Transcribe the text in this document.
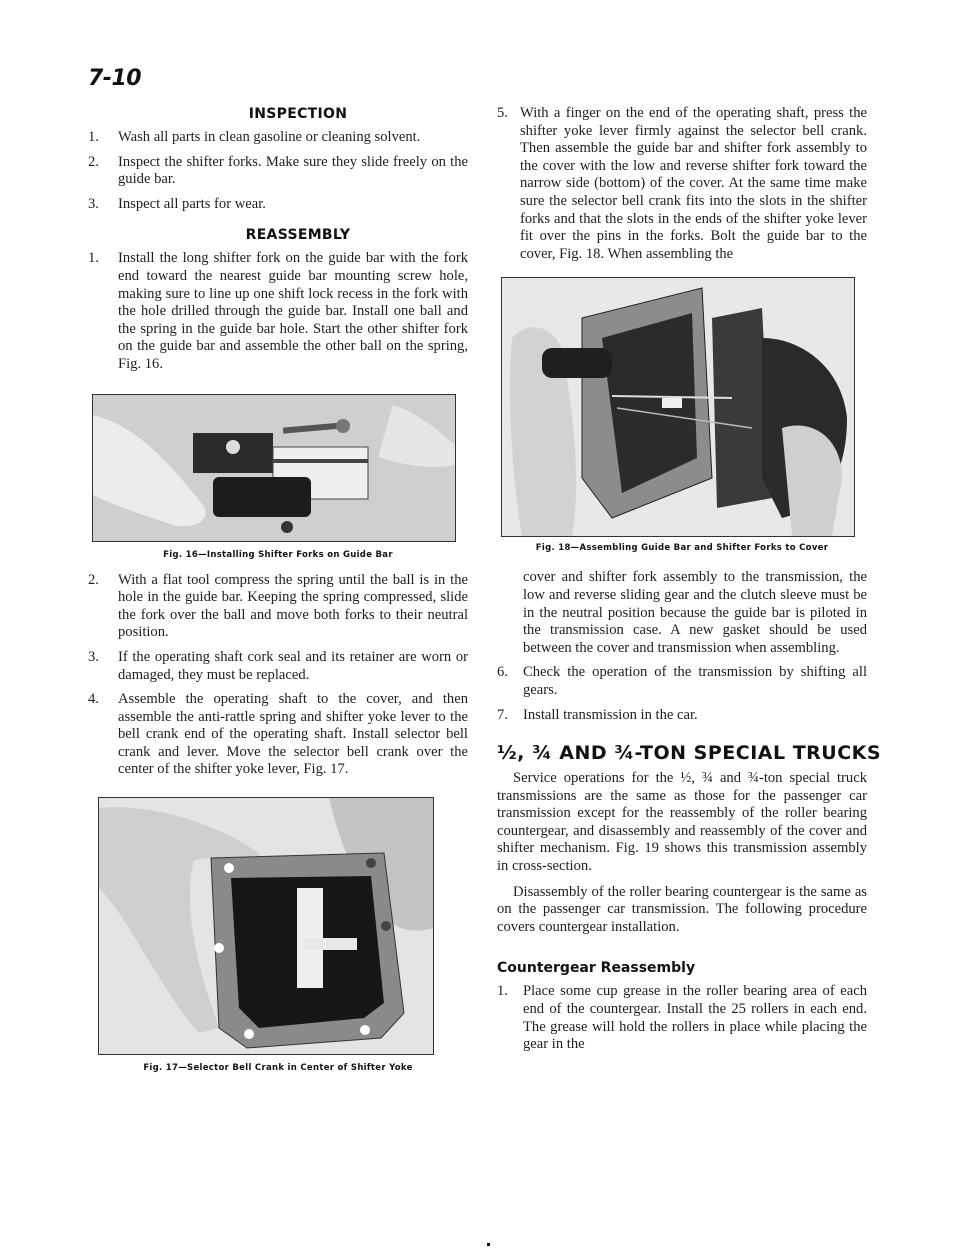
7-10
INSPECTION
1.	Wash all parts in clean gasoline or cleaning solvent.
2.	Inspect the shifter forks. Make sure they slide freely on the guide bar.
3.	Inspect all parts for wear.
REASSEMBLY
1.	Install the long shifter fork on the guide bar with the fork end toward the nearest guide bar mounting screw hole, making sure to line up one shift lock recess in the fork with the hole drilled through the guide bar. Install one ball and the spring in the guide bar hole. Start the other shifter fork on the guide bar and assemble the other ball on the spring, Fig. 16.
Fig. 16—Installing Shifter Forks on Guide Bar
2.	With a flat tool compress the spring until the ball is in the hole in the guide bar. Keeping the spring compressed, slide the fork over the ball and move both forks to their neutral position.
3.	If the operating shaft cork seal and its retainer are worn or damaged, they must be replaced.
4.	Assemble the operating shaft to the cover, and then assemble the anti-rattle spring and shifter yoke lever to the bell crank end of the operating shaft. Install selector bell crank and lever. Move the selector bell crank over the center of the shifter yoke lever, Fig. 17.
Fig. 17—Selector Bell Crank in Center of Shifter Yoke
5. With a finger on the end of the operating shaft, press the shifter yoke lever firmly against the selector bell crank. Then assemble the guide bar and shifter fork assembly to the cover with the low and reverse shifter fork toward the narrow side (bottom) of the cover. At the same time make sure the selector bell crank fits into the slots in the shifter forks and that the slots in the ends of the shifter yoke lever fit over the pins in the forks. Bolt the guide bar to the cover, Fig. 18. When assembling the
Fig. 18—Assembling Guide Bar and Shifter Forks to Cover

cover and shifter fork assembly to the transmission, the low and reverse sliding gear and the clutch sleeve must be in the neutral position because the guide bar is piloted in the transmission case. A new gasket should be used between the cover and transmission when assembling.

6.	Check the operation of the transmission by shifting all gears.
7.	Install transmission in the car.
½, ¾ AND ¾-TON SPECIAL TRUCKS

Service operations for the ½, ¾ and ¾-ton special truck transmissions are the same as those for the passenger car transmission except for the reassembly of the roller bearing countergear, and disassembly and reassembly of the cover and shifter mechanism. Fig. 19 shows this transmission assembly in cross-section.

Disassembly of the roller bearing countergear is the same as on the passenger car transmission. The following procedure covers countergear installation.

Countergear Reassembly
1.	Place some cup grease in the roller bearing area of each end of the countergear. Install the 25 rollers in each end. The grease will hold the rollers in place while placing the gear in the
